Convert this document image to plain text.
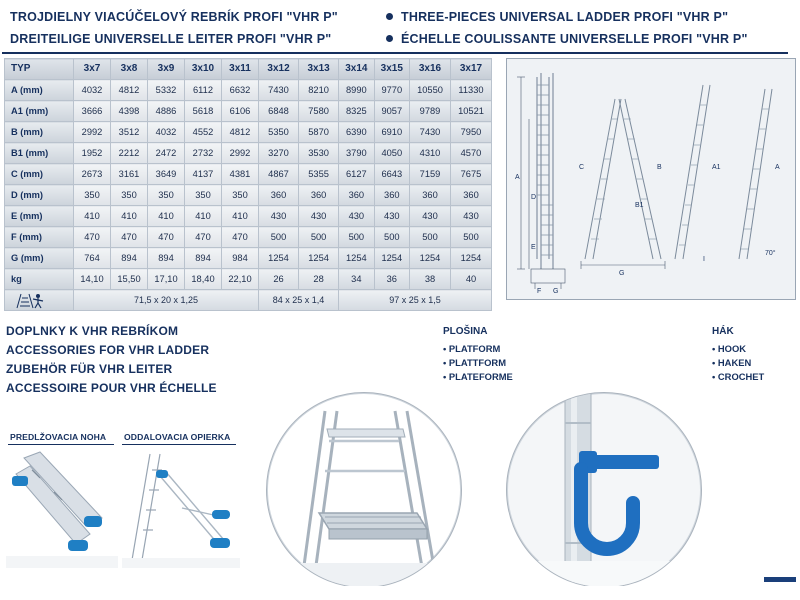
TROJDIELNY VIACÚČELOVÝ REBRÍK PROFI "VHR P"	THREE-PIECES UNIVERSAL LADDER PROFI "VHR P"
DREITEILIGE UNIVERSELLE LEITER PROFI "VHR P"	ÉCHELLE COULISSANTE UNIVERSELLE PROFI "VHR P"
TYP	3x7	3x8	3x9	3x10	3x11	3x12	3x13	3x14	3x15	3x16	3x17
A (mm)	4032	4812	5332	6112	6632	7430	8210	8990	9770	10550	11330
A1 (mm)	3666	4398	4886	5618	6106	6848	7580	8325	9057	9789	10521
B (mm)	2992	3512	4032	4552	4812	5350	5870	6390	6910	7430	7950
B1 (mm)	1952	2212	2472	2732	2992	3270	3530	3790	4050	4310	4570
C (mm)	2673	3161	3649	4137	4381	4867	5355	6127	6643	7159	7675
D (mm)	350	350	350	350	350	360	360	360	360	360	360
E (mm)	410	410	410	410	410	430	430	430	430	430	430
F (mm)	470	470	470	470	470	500	500	500	500	500	500
G (mm)	764	894	894	894	984	1254	1254	1254	1254	1254	1254
kg	14,10	15,50	17,10	18,40	22,10	26	28	34	36	38	40
	71,5 x 20 x 1,25					84 x 25 x 1,4		97 x 25 x 1,5			
A
D
E
B
B1
C
G
A1	A
70°
I
F G
DOPLNKY K VHR REBRÍKOM
ACCESSORIES FOR VHR LADDER
ZUBEHÖR FÜR VHR LEITER
ACCESSOIRE POUR VHR ÉCHELLE
PREDLŽOVACIA NOHA ODDALOVACIA OPIERKA
PLOŠINA
• PLATFORM
• PLATTFORM
• PLATEFORME
HÁK
• HOOK
• HAKEN
• CROCHET
